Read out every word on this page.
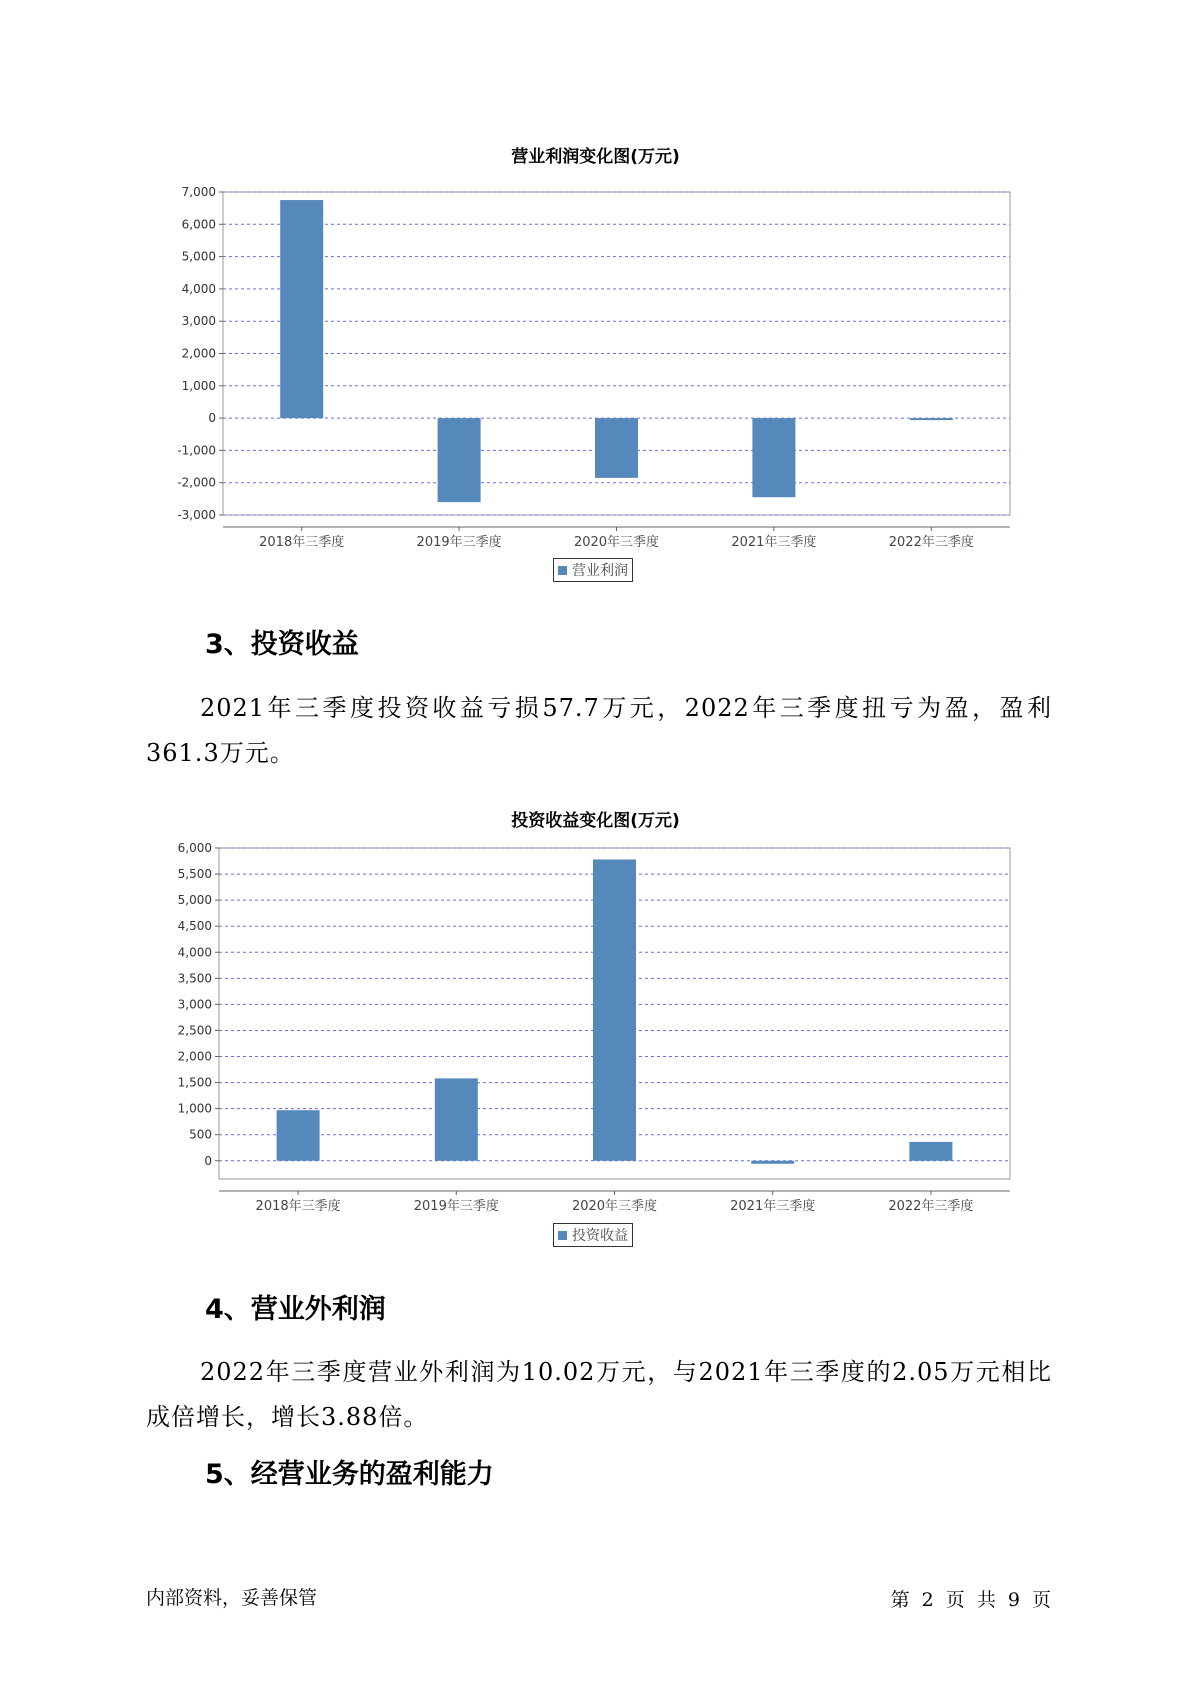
营业利润变化图(万元)
-3,000
-2,000
-1,000
0
1,000
2,000
3,000
4,000
5,000
6,000
7,000
2018年三季度	2019年三季度	2020年三季度	2021年三季度	2022年三季度
营业利润
3、投资收益
2021年三季度投资收益亏损57.7万元，2022年三季度扭亏为盈，盈利361.3万元。
投资收益变化图(万元)
0
500
1,000
1,500
2,000
2,500
3,000
3,500
4,000
4,500
5,000
5,500
6,000
2018年三季度	2019年三季度	2020年三季度	2021年三季度	2022年三季度
投资收益
4、营业外利润
2022年三季度营业外利润为10.02万元，与2021年三季度的2.05万元相比成倍增长，增长3.88倍。
5、经营业务的盈利能力
内部资料，妥善保管	第 2 页 共 9 页
